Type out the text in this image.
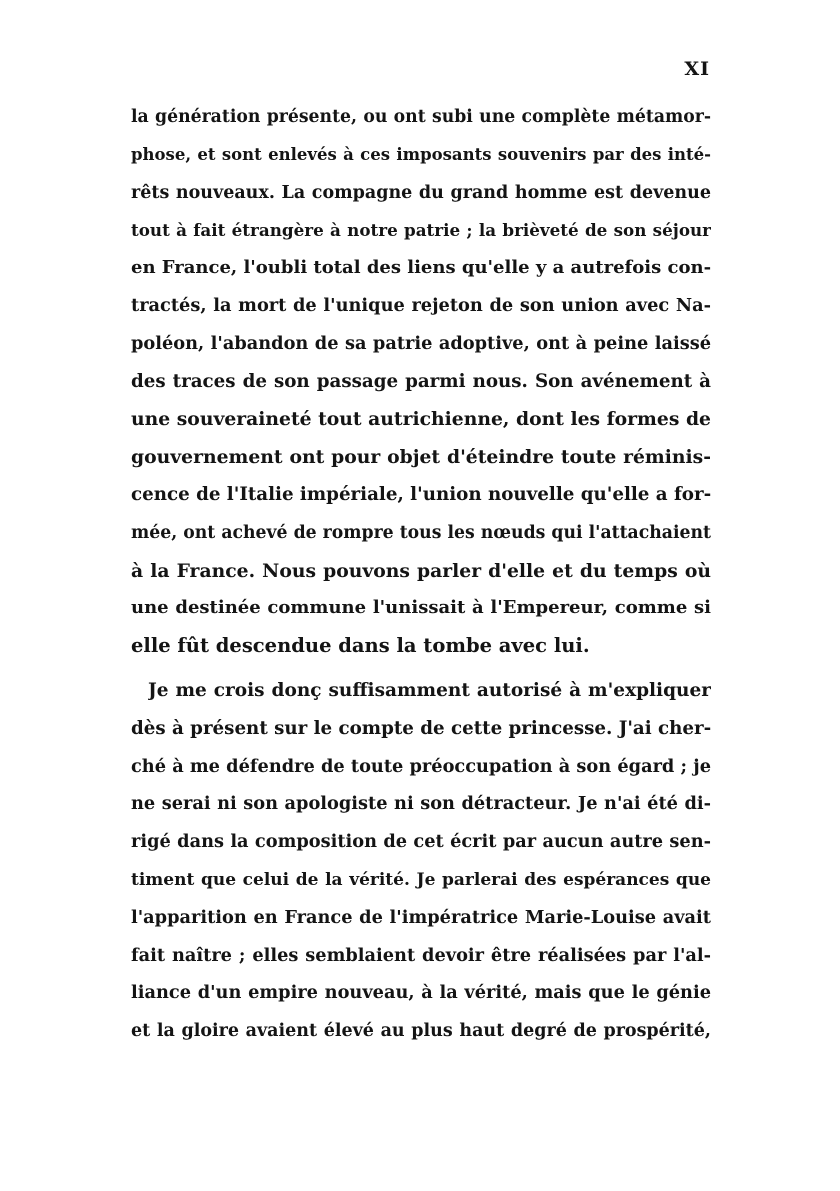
XI
la génération présente, ou ont subi une complète métamor-
phose, et sont enlevés à ces imposants souvenirs par des inté-
rêts nouveaux. La compagne du grand homme est devenue
tout à fait étrangère à notre patrie ; la brièveté de son séjour
en France, l'oubli total des liens qu'elle y a autrefois con-
tractés, la mort de l'unique rejeton de son union avec Na-
poléon, l'abandon de sa patrie adoptive, ont à peine laissé
des traces de son passage parmi nous. Son avénement à
une souveraineté tout autrichienne, dont les formes de
gouvernement ont pour objet d'éteindre toute réminis-
cence de l'Italie impériale, l'union nouvelle qu'elle a for-
mée, ont achevé de rompre tous les nœuds qui l'attachaient
à la France. Nous pouvons parler d'elle et du temps où
une destinée commune l'unissait à l'Empereur, comme si
elle fût descendue dans la tombe avec lui.
Je me crois donç suffisamment autorisé à m'expliquer
dès à présent sur le compte de cette princesse. J'ai cher-
ché à me défendre de toute préoccupation à son égard ; je
ne serai ni son apologiste ni son détracteur. Je n'ai été di-
rigé dans la composition de cet écrit par aucun autre sen-
timent que celui de la vérité. Je parlerai des espérances que
l'apparition en France de l'impératrice Marie-Louise avait
fait naître ; elles semblaient devoir être réalisées par l'al-
liance d'un empire nouveau, à la vérité, mais que le génie
et la gloire avaient élevé au plus haut degré de prospérité,
